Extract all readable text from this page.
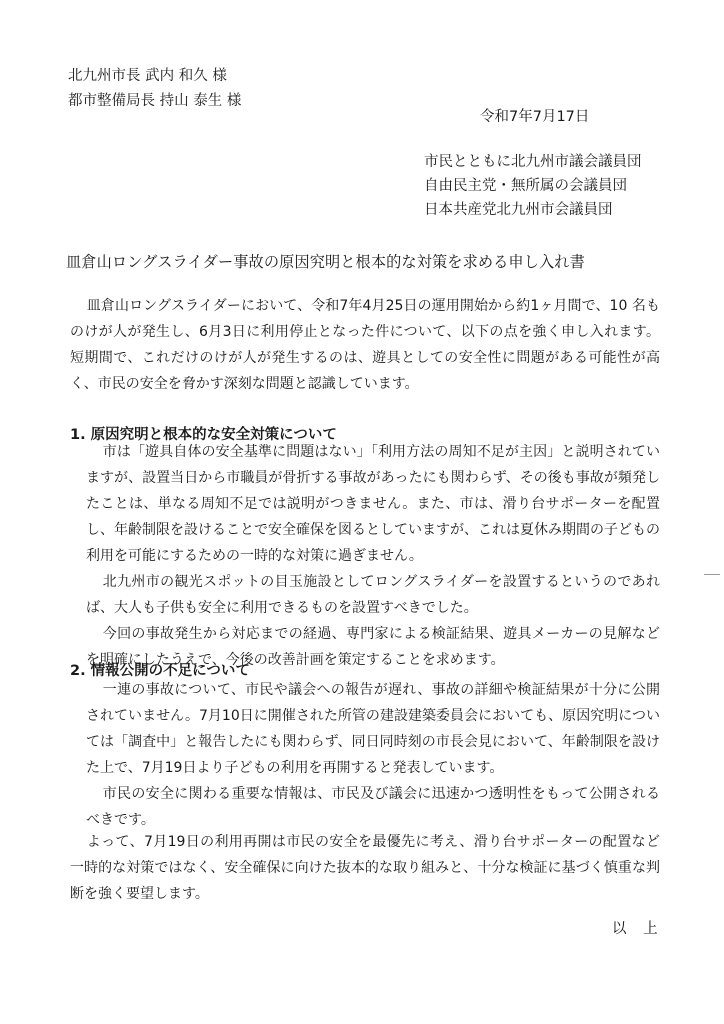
北九州市長 武内 和久 様
都市整備局長 持山 泰生 様
令和7年7月17日
市民とともに北九州市議会議員団
自由民主党・無所属の会議員団
日本共産党北九州市会議員団
皿倉山ロングスライダー事故の原因究明と根本的な対策を求める申し入れ書
皿倉山ロングスライダーにおいて、令和7年4月25日の運用開始から約1ヶ月間で、10 名ものけが人が発生し、6月3日に利用停止となった件について、以下の点を強く申し入れます。短期間で、これだけのけが人が発生するのは、遊具としての安全性に問題がある可能性が高く、市民の安全を脅かす深刻な問題と認識しています。
1. 原因究明と根本的な安全対策について
市は「遊具自体の安全基準に問題はない」「利用方法の周知不足が主因」と説明されていますが、設置当日から市職員が骨折する事故があったにも関わらず、その後も事故が頻発したことは、単なる周知不足では説明がつきません。また、市は、滑り台サポーターを配置し、年齢制限を設けることで安全確保を図るとしていますが、これは夏休み期間の子どもの利用を可能にするための一時的な対策に過ぎません。
北九州市の観光スポットの目玉施設としてロングスライダーを設置するというのであれば、大人も子供も安全に利用できるものを設置すべきでした。
今回の事故発生から対応までの経過、専門家による検証結果、遊具メーカーの見解などを明確にしたうえで、今後の改善計画を策定することを求めます。
2. 情報公開の不足について
一連の事故について、市民や議会への報告が遅れ、事故の詳細や検証結果が十分に公開されていません。7月10日に開催された所管の建設建築委員会においても、原因究明については「調査中」と報告したにも関わらず、同日同時刻の市長会見において、年齢制限を設けた上で、7月19日より子どもの利用を再開すると発表しています。
市民の安全に関わる重要な情報は、市民及び議会に迅速かつ透明性をもって公開されるべきです。
よって、7月19日の利用再開は市民の安全を最優先に考え、滑り台サポーターの配置など一時的な対策ではなく、安全確保に向けた抜本的な取り組みと、十分な検証に基づく慎重な判断を強く要望します。
以 上
